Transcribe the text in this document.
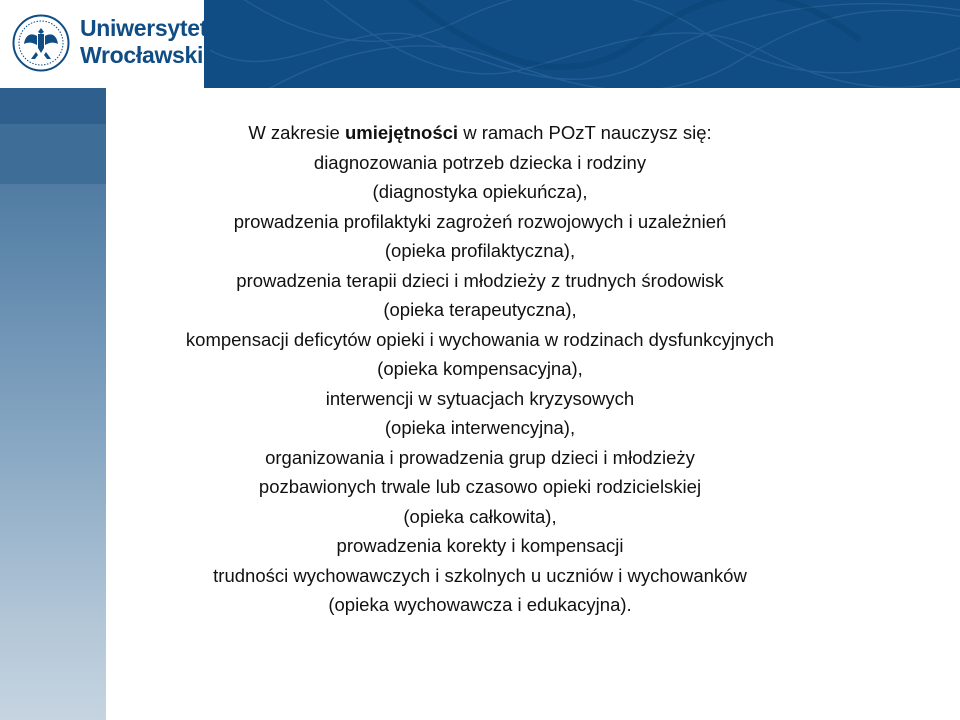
Uniwersytet
Wrocławski
W zakresie umiejętności w ramach POzT nauczysz się:
diagnozowania potrzeb dziecka i rodziny
(diagnostyka opiekuńcza),
prowadzenia profilaktyki zagrożeń rozwojowych i uzależnień
(opieka profilaktyczna),
prowadzenia terapii dzieci i młodzieży z trudnych środowisk
(opieka terapeutyczna),
kompensacji deficytów opieki i wychowania w rodzinach dysfunkcyjnych
(opieka kompensacyjna),
interwencji w sytuacjach kryzysowych
(opieka interwencyjna),
organizowania i prowadzenia grup dzieci i młodzieży
pozbawionych trwale lub czasowo opieki rodzicielskiej
(opieka całkowita),
prowadzenia korekty i kompensacji
trudności wychowawczych i szkolnych u uczniów i wychowanków
(opieka wychowawcza i edukacyjna).
